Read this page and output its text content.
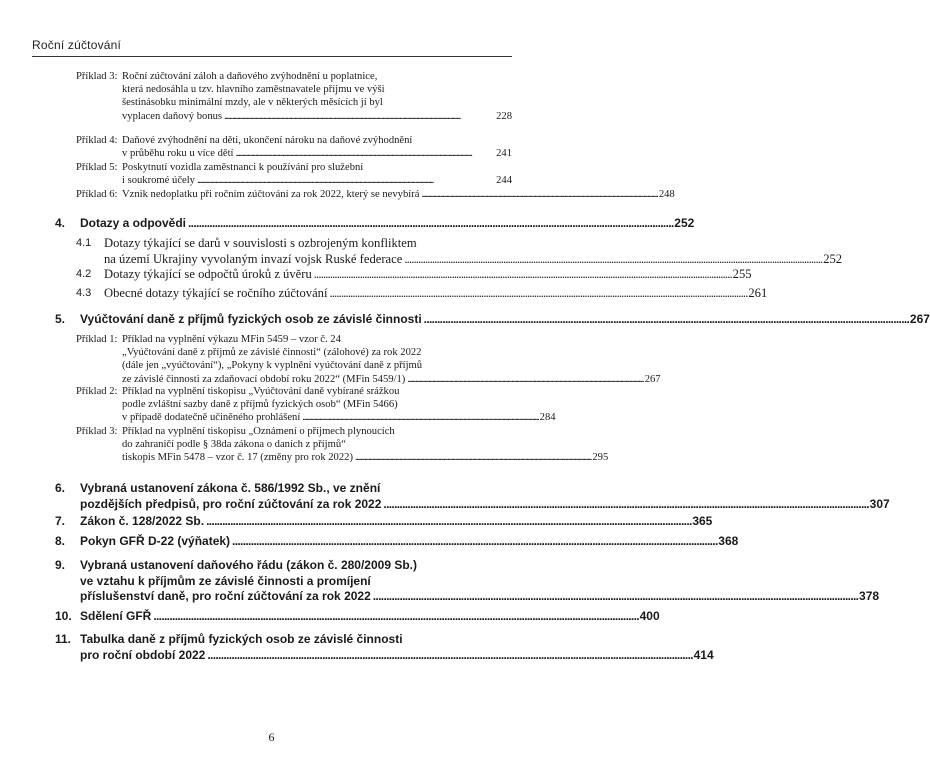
Roční zúčtování
Příklad 3: Roční zúčtování záloh a daňového zvýhodnění u poplatnice,
která nedosáhla u tzv. hlavního zaměstnavatele příjmu ve výši
šestinásobku minimální mzdy, ale v některých měsících jí byl
vyplacen daňový bonus . . .	228
Příklad 4: Daňové zvýhodnění na děti, ukončení nároku na daňové zvýhodnění
v průběhu roku u více dětí . . .	241
Příklad 5: Poskytnutí vozidla zaměstnanci k používání pro služební
i soukromé účely . . .	244
Příklad 6: Vznik nedoplatku při ročním zúčtování za rok 2022, který se nevybírá . . .	248
4.	Dotazy a odpovědi . . .	252
4.1	Dotazy týkající se darů v souvislosti s ozbrojeným konfliktem
na území Ukrajiny vyvolaným invazí vojsk Ruské federace . . .	252
4.2	Dotazy týkající se odpočtů úroků z úvěru . . .	255
4.3	Obecné dotazy týkající se ročního zúčtování . . .	261
5.	Vyúčtování daně z příjmů fyzických osob ze závislé činnosti . . .	267
Příklad 1: Příklad na vyplnění výkazu MFin 5459 – vzor č. 24
„Vyúčtování daně z příjmů ze závislé činnosti“ (zálohové) za rok 2022
(dále jen „vyúčtování“), „Pokyny k vyplnění vyúčtování daně z příjmů
ze závislé činnosti za zdaňovací období roku 2022“ (MFin 5459/1) . . .	267
Příklad 2: Příklad na vyplnění tiskopisu „Vyúčtování daně vybírané srážkou
podle zvláštní sazby daně z příjmů fyzických osob“ (MFin 5466)
v případě dodatečně učiněného prohlášení . . .	284
Příklad 3: Příklad na vyplnění tiskopisu „Oznámení o příjmech plynoucích
do zahraničí podle § 38da zákona o daních z příjmů“
tiskopis MFin 5478 – vzor č. 17 (změny pro rok 2022) . . .	295
6.	Vybraná ustanovení zákona č. 586/1992 Sb., ve znění
pozdějších předpisů, pro roční zúčtování za rok 2022 . . .	307
7.	Zákon č. 128/2022 Sb. . . .	365
8.	Pokyn GFŘ D-22 (výňatek) . . .	368
9.	Vybraná ustanovení daňového řádu (zákon č. 280/2009 Sb.)
ve vztahu k příjmům ze závislé činnosti a promíjení
příslušenství daně, pro roční zúčtování za rok 2022 . . .	378
10. Sdělení GFŘ . . .	400
11. Tabulka daně z příjmů fyzických osob ze závislé činnosti
pro roční období 2022 . . .	414
6
